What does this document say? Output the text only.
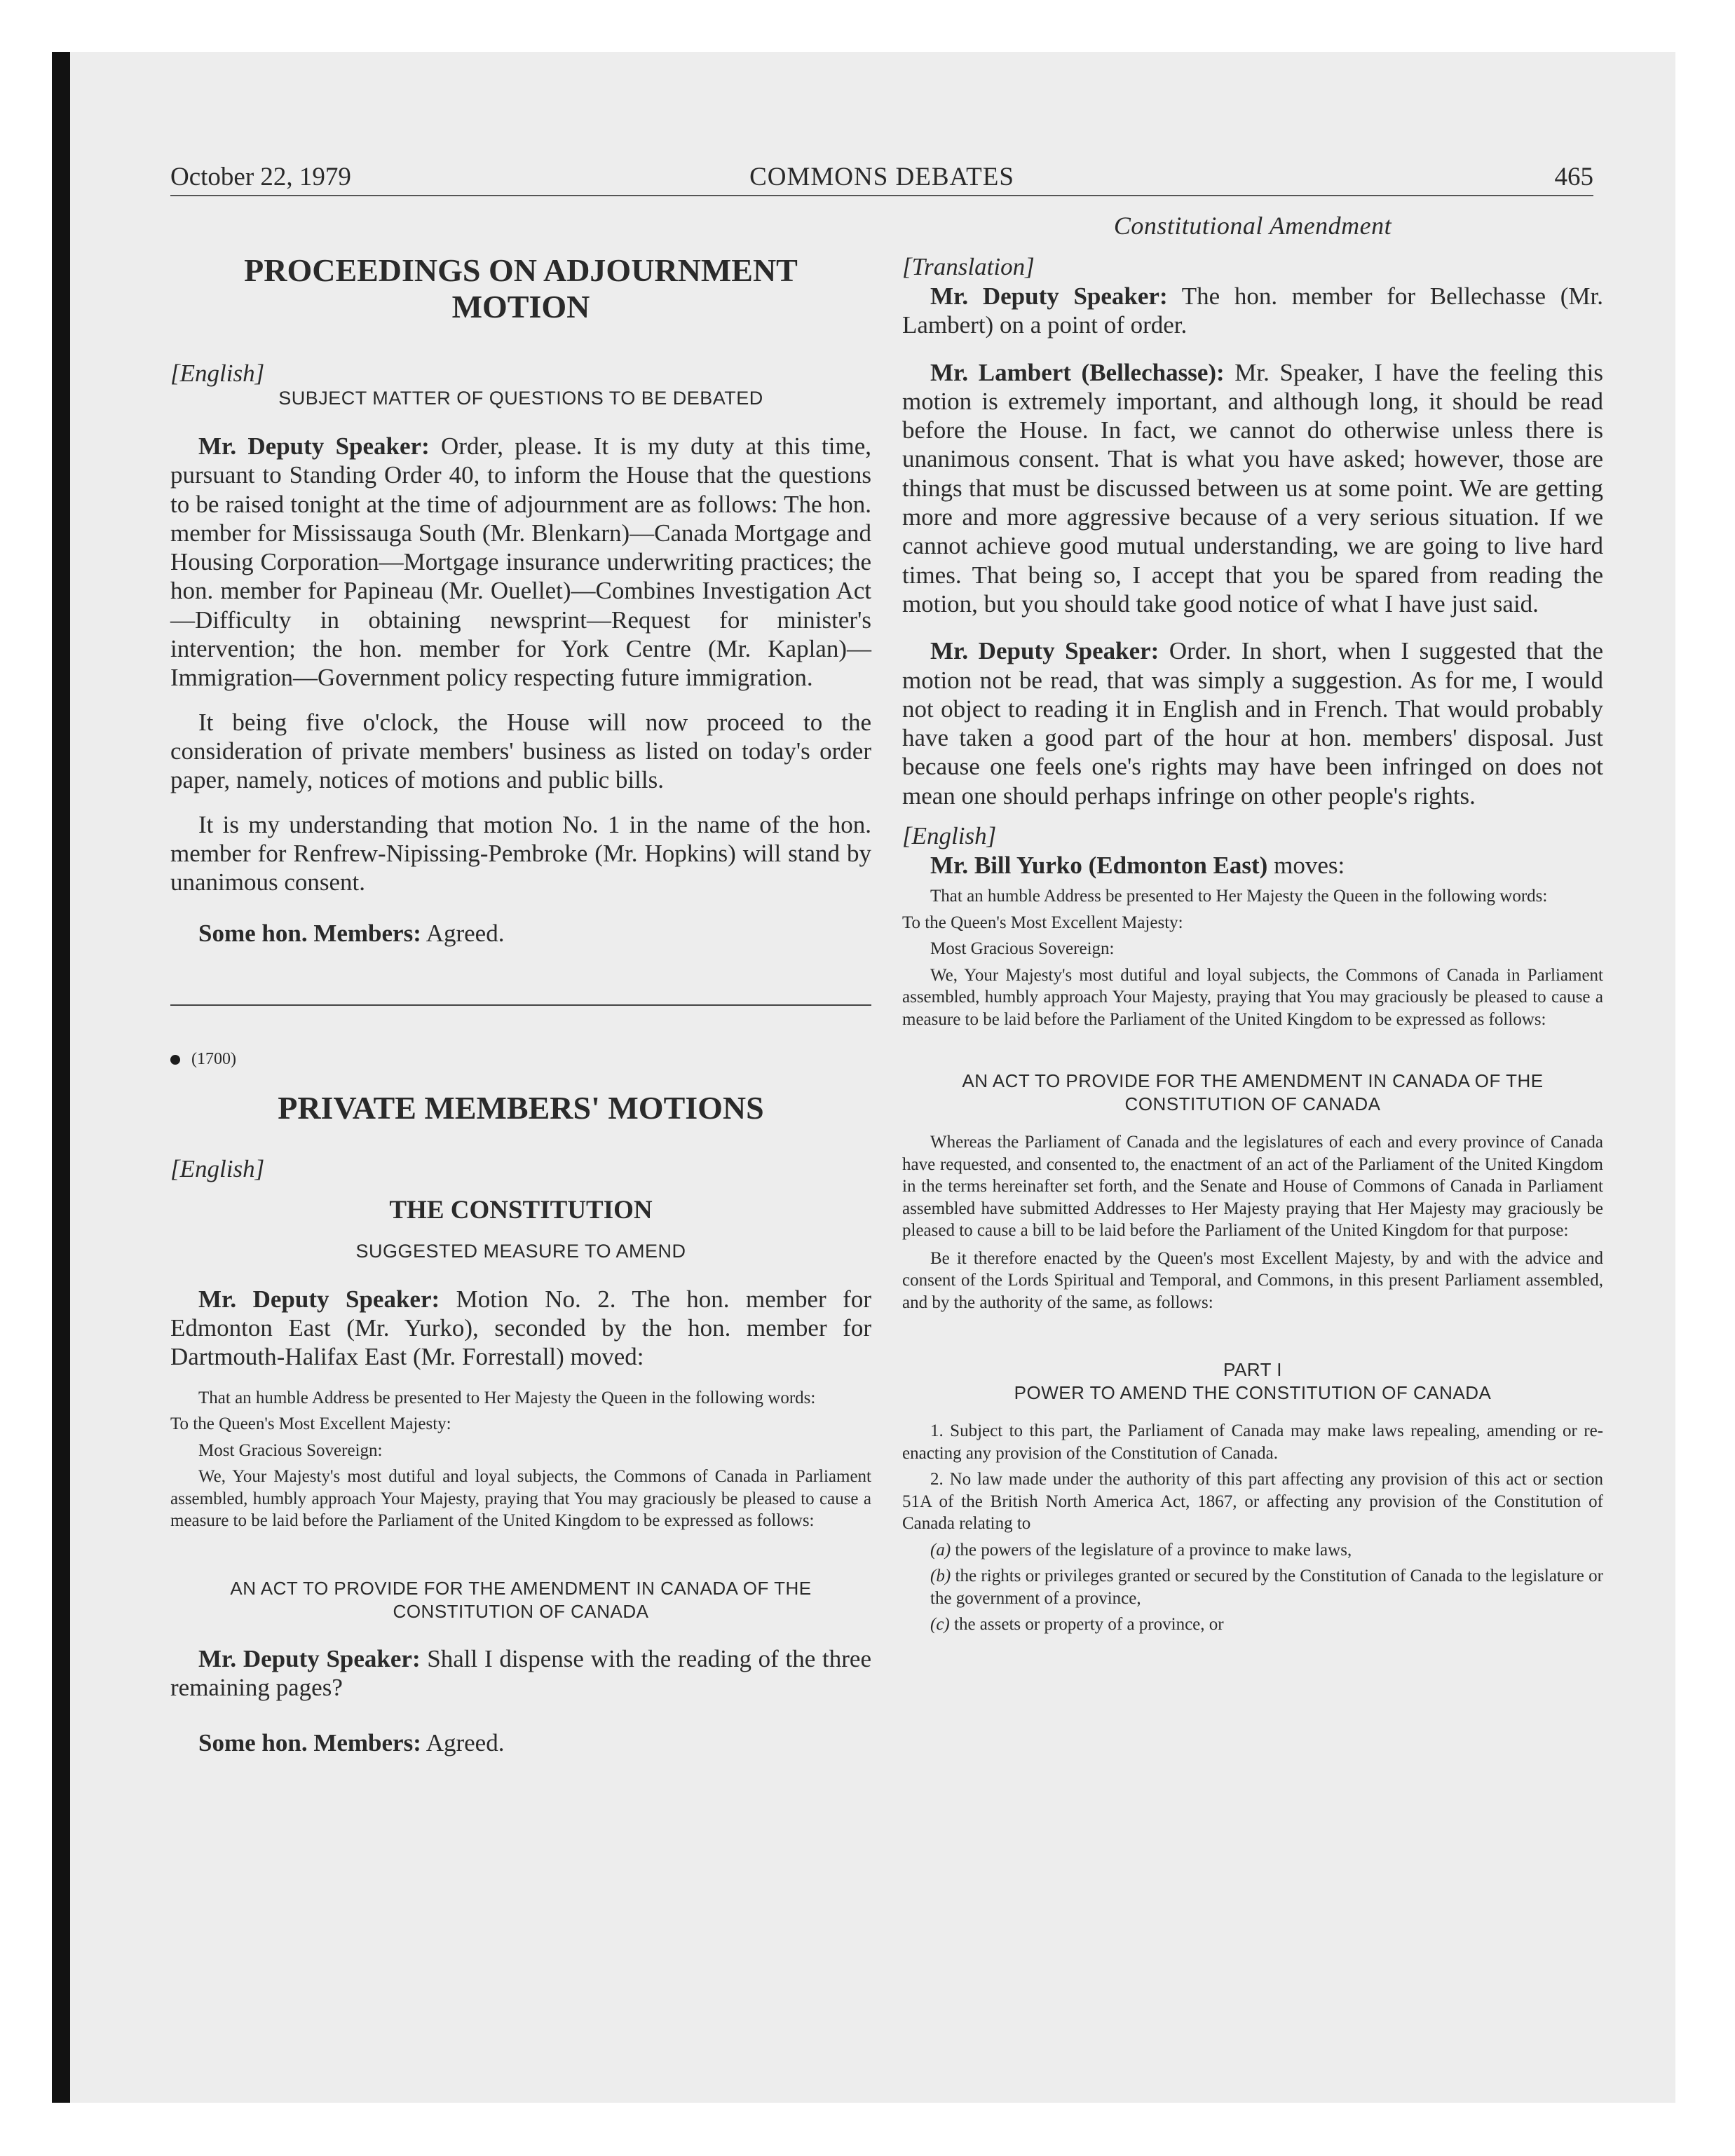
October 22, 1979	COMMONS DEBATES	465
PROCEEDINGS ON ADJOURNMENT MOTION
[English]
SUBJECT MATTER OF QUESTIONS TO BE DEBATED

Mr. Deputy Speaker: Order, please. It is my duty at this time, pursuant to Standing Order 40, to inform the House that the questions to be raised tonight at the time of adjournment are as follows: The hon. member for Mississauga South (Mr. Blenkarn)—Canada Mortgage and Housing Corporation—Mortgage insurance underwriting practices; the hon. member for Papineau (Mr. Ouellet)—Combines Investigation Act—Difficulty in obtaining newsprint—Request for minister's intervention; the hon. member for York Centre (Mr. Kaplan)—Immigration—Government policy respecting future immigration.

It being five o'clock, the House will now proceed to the consideration of private members' business as listed on today's order paper, namely, notices of motions and public bills.

It is my understanding that motion No. 1 in the name of the hon. member for Renfrew-Nipissing-Pembroke (Mr. Hopkins) will stand by unanimous consent.

Some hon. Members: Agreed.

(1700)
PRIVATE MEMBERS' MOTIONS
[English]
THE CONSTITUTION
SUGGESTED MEASURE TO AMEND

Mr. Deputy Speaker: Motion No. 2. The hon. member for Edmonton East (Mr. Yurko), seconded by the hon. member for Dartmouth-Halifax East (Mr. Forrestall) moved:

That an humble Address be presented to Her Majesty the Queen in the following words:

To the Queen's Most Excellent Majesty:

Most Gracious Sovereign:

We, Your Majesty's most dutiful and loyal subjects, the Commons of Canada in Parliament assembled, humbly approach Your Majesty, praying that You may graciously be pleased to cause a measure to be laid before the Parliament of the United Kingdom to be expressed as follows:

AN ACT TO PROVIDE FOR THE AMENDMENT IN CANADA OF THE CONSTITUTION OF CANADA

Mr. Deputy Speaker: Shall I dispense with the reading of the three remaining pages?

Some hon. Members: Agreed.

Constitutional Amendment
[Translation]

Mr. Deputy Speaker: The hon. member for Bellechasse (Mr. Lambert) on a point of order.

Mr. Lambert (Bellechasse): Mr. Speaker, I have the feeling this motion is extremely important, and although long, it should be read before the House. In fact, we cannot do otherwise unless there is unanimous consent. That is what you have asked; however, those are things that must be discussed between us at some point. We are getting more and more aggressive because of a very serious situation. If we cannot achieve good mutual understanding, we are going to live hard times. That being so, I accept that you be spared from reading the motion, but you should take good notice of what I have just said.

Mr. Deputy Speaker: Order. In short, when I suggested that the motion not be read, that was simply a suggestion. As for me, I would not object to reading it in English and in French. That would probably have taken a good part of the hour at hon. members' disposal. Just because one feels one's rights may have been infringed on does not mean one should perhaps infringe on other people's rights.

[English]

Mr. Bill Yurko (Edmonton East) moves:

That an humble Address be presented to Her Majesty the Queen in the following words:

To the Queen's Most Excellent Majesty:

Most Gracious Sovereign:

We, Your Majesty's most dutiful and loyal subjects, the Commons of Canada in Parliament assembled, humbly approach Your Majesty, praying that You may graciously be pleased to cause a measure to be laid before the Parliament of the United Kingdom to be expressed as follows:

AN ACT TO PROVIDE FOR THE AMENDMENT IN CANADA OF THE CONSTITUTION OF CANADA

Whereas the Parliament of Canada and the legislatures of each and every province of Canada have requested, and consented to, the enactment of an act of the Parliament of the United Kingdom in the terms hereinafter set forth, and the Senate and House of Commons of Canada in Parliament assembled have submitted Addresses to Her Majesty praying that Her Majesty may graciously be pleased to cause a bill to be laid before the Parliament of the United Kingdom for that purpose:

Be it therefore enacted by the Queen's most Excellent Majesty, by and with the advice and consent of the Lords Spiritual and Temporal, and Commons, in this present Parliament assembled, and by the authority of the same, as follows:

PART I
POWER TO AMEND THE CONSTITUTION OF CANADA

1. Subject to this part, the Parliament of Canada may make laws repealing, amending or re-enacting any provision of the Constitution of Canada.

2. No law made under the authority of this part affecting any provision of this act or section 51A of the British North America Act, 1867, or affecting any provision of the Constitution of Canada relating to

(a) the powers of the legislature of a province to make laws,

(b) the rights or privileges granted or secured by the Constitution of Canada to the legislature or the government of a province,

(c) the assets or property of a province, or
